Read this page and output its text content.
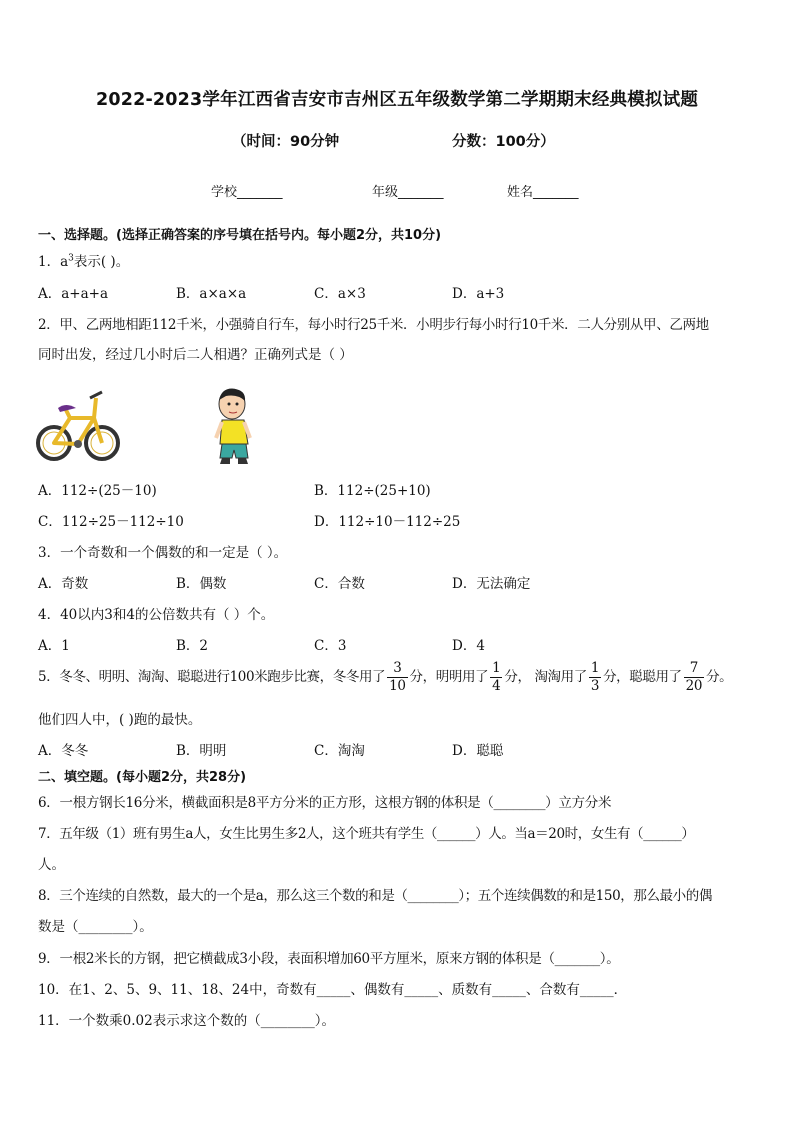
2022-2023学年江西省吉安市吉州区五年级数学第二学期期末经典模拟试题
（时间：90分钟	分数：100分）
学校_______	年级_______	姓名_______
一、选择题。(选择正确答案的序号填在括号内。每小题2分，共10分)
1．$a^3$表示( )。
A．a+a+a	B．a×a×a	C．a×3	D．a+3
2．甲、乙两地相距112千米，小强骑自行车，每小时行25千米．小明步行每小时行10千米．二人分别从甲、乙两地
同时出发，经过几小时后二人相遇？正确列式是（ ）
A．112÷(25－10)	B．112÷(25+10)
C．112÷25－112÷10	D．112÷10－112÷25
3．一个奇数和一个偶数的和一定是（ ）。
A．奇数	B．偶数	C．合数	D．无法确定
4．40以内3和4的公倍数共有（ ）个。
A．1	B．2	C．3	D．4
5．冬冬、明明、淘淘、聪聪进行100米跑步比赛，冬冬用了 $\frac{3}{10}$ 分，明明用了 $\frac{1}{4}$ 分， 淘淘用了 $\frac{1}{3}$ 分，聪聪用了 $\frac{7}{20}$ 分。
他们四人中，( )跑的最快。
A．冬冬	B．明明	C．淘淘	D．聪聪
二、填空题。(每小题2分，共28分)
6．一根方钢长16分米，横截面积是8平方分米的正方形，这根方钢的体积是（________）立方分米
7．五年级（1）班有男生a人，女生比男生多2人，这个班共有学生（______）人。当a＝20时，女生有（______）
人。
8．三个连续的自然数，最大的一个是a，那么这三个数的和是（________）；五个连续偶数的和是150，那么最小的偶
数是（________）。
9．一根2米长的方钢，把它横截成3小段，表面积增加60平方厘米，原来方钢的体积是（_______）。
10．在1、2、5、9、11、18、24中，奇数有_____、偶数有_____、质数有_____、合数有_____．
11．一个数乘0.02表示求这个数的（________）。
